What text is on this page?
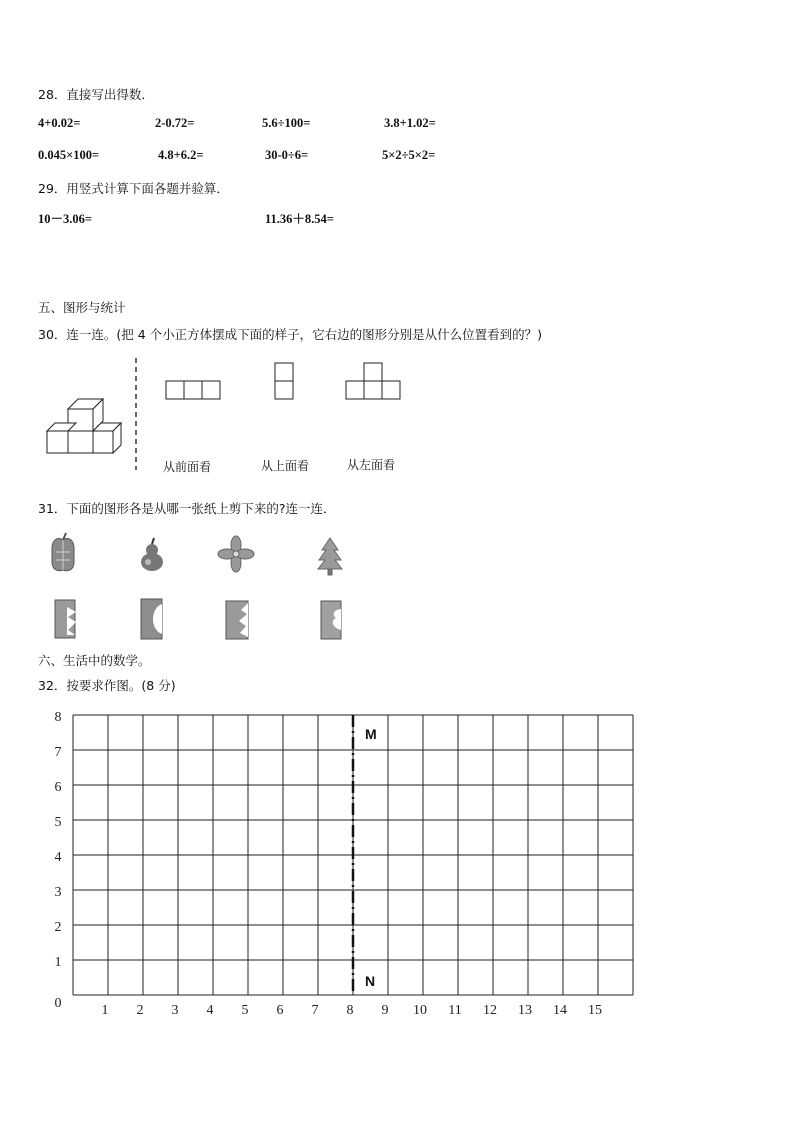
28．直接写出得数．
4+0.02=	2-0.72=	5.6÷100=	3.8+1.02=
0.045×100=	4.8+6.2=	30-0÷6=	5×2÷5×2=
29．用竖式计算下面各题并验算．
10－3.06=	11.36＋8.54=
五、图形与统计
30．连一连。(把 4 个小正方体摆成下面的样子，它右边的图形分别是从什么位置看到的？)
从前面看	从上面看	从左面看
31．下面的图形各是从哪一张纸上剪下来的?连一连．
六、生活中的数学。
32．按要求作图。(8 分)
1 2 3 4 5 6 7 8 9 10 11 12 13 14 15
0
1
2
3
4
5
6
7
8
M
N
